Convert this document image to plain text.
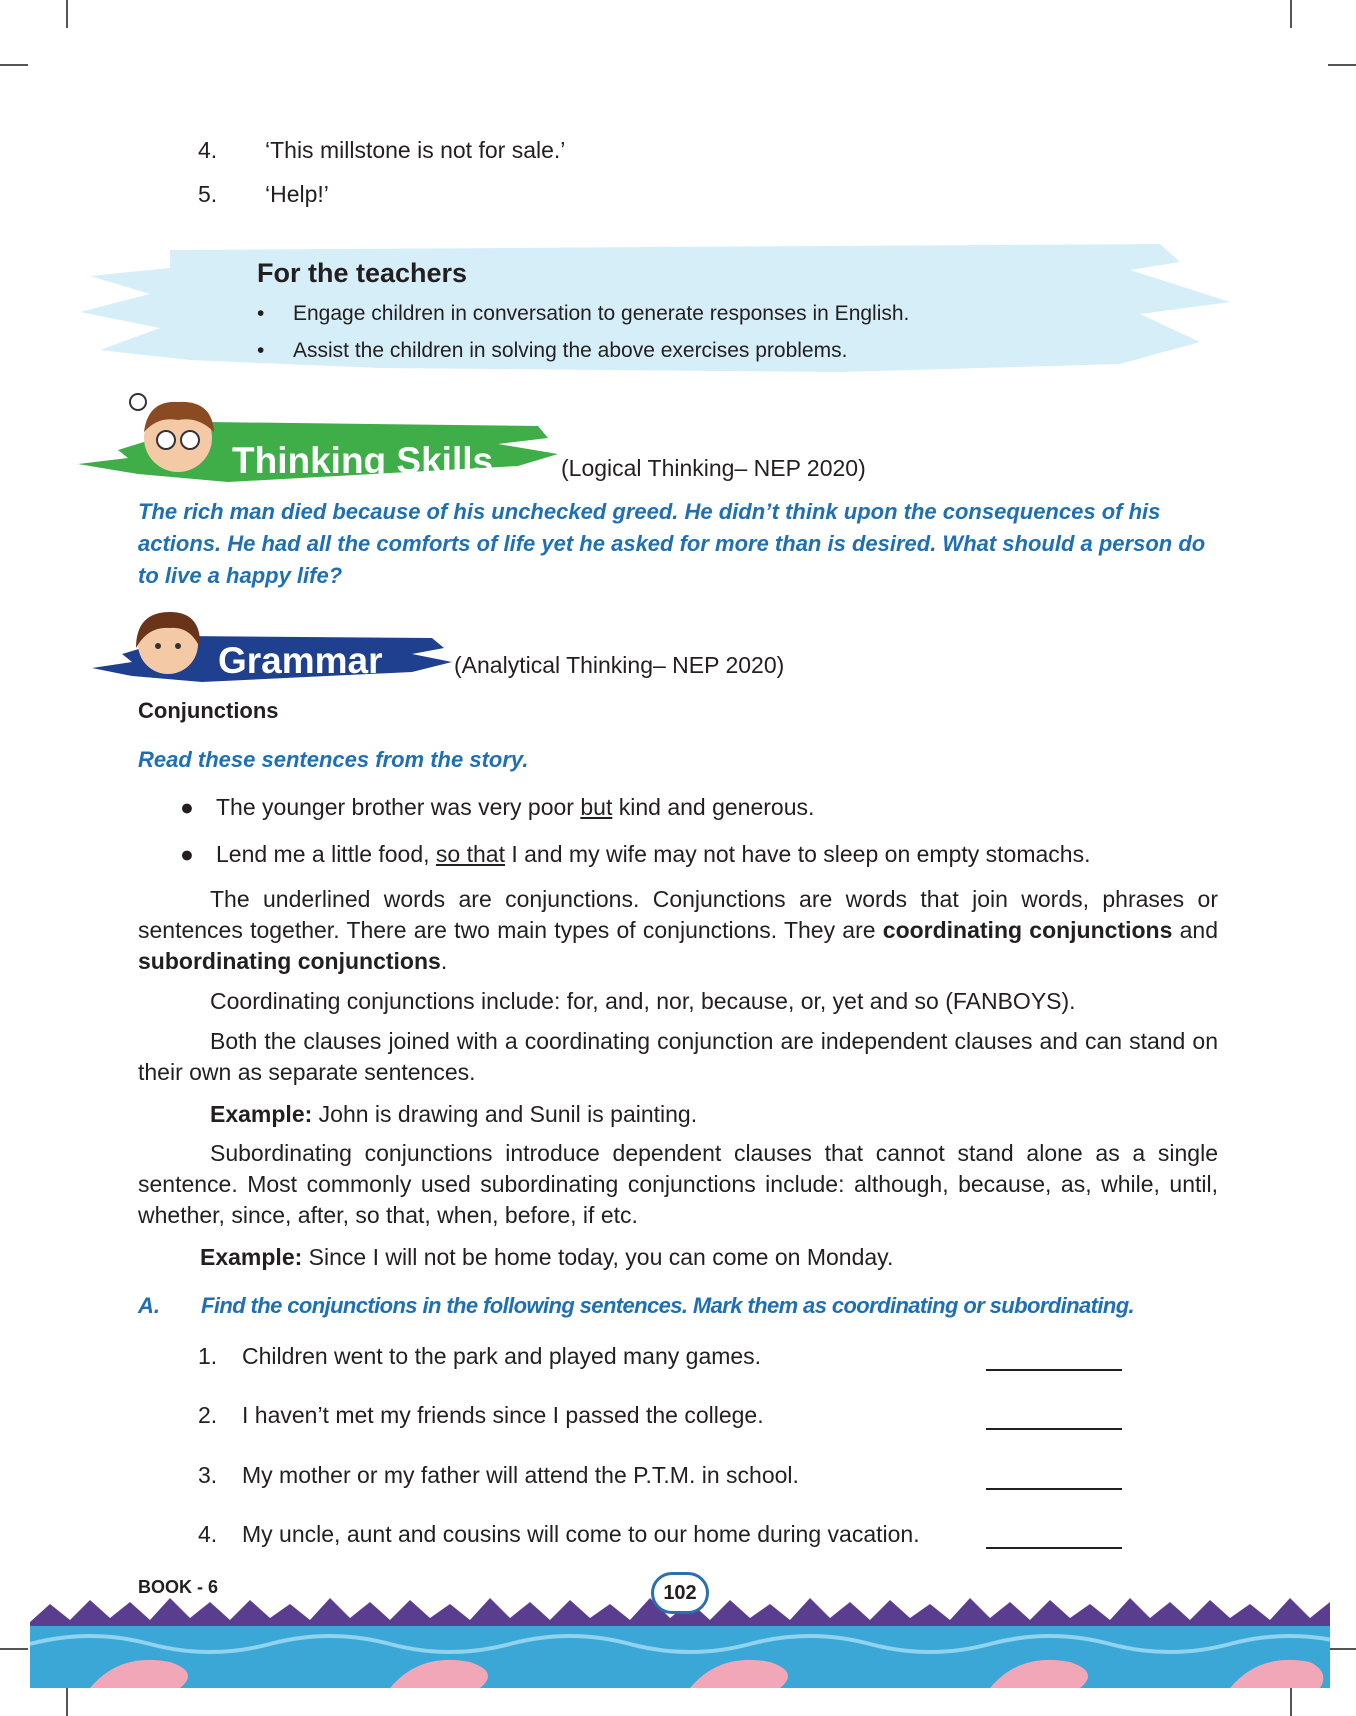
4. ‘This millstone is not for sale.’
5. ‘Help!’
For the teachers
• Engage children in conversation to generate responses in English.
• Assist the children in solving the above exercises problems.
Thinking Skills	(Logical Thinking– NEP 2020)
The rich man died because of his unchecked greed. He didn’t think upon the consequences of his actions. He had all the comforts of life yet he asked for more than is desired. What should a person do to live a happy life?
Grammar	(Analytical Thinking– NEP 2020)
Conjunctions
Read these sentences from the story.
● The younger brother was very poor but kind and generous.
● Lend me a little food, so that I and my wife may not have to sleep on empty stomachs.
The underlined words are conjunctions. Conjunctions are words that join words, phrases or sentences together. There are two main types of conjunctions. They are coordinating conjunctions and subordinating conjunctions.
Coordinating conjunctions include: for, and, nor, because, or, yet and so (FANBOYS).
Both the clauses joined with a coordinating conjunction are independent clauses and can stand on their own as separate sentences.
Example: John is drawing and Sunil is painting.
Subordinating conjunctions introduce dependent clauses that cannot stand alone as a single sentence. Most commonly used subordinating conjunctions include: although, because, as, while, until, whether, since, after, so that, when, before, if etc.
Example: Since I will not be home today, you can come on Monday.
A. Find the conjunctions in the following sentences. Mark them as coordinating or subordinating.
1. Children went to the park and played many games.
2. I haven’t met my friends since I passed the college.
3. My mother or my father will attend the P.T.M. in school.
4. My uncle, aunt and cousins will come to our home during vacation.
BOOK - 6	102
